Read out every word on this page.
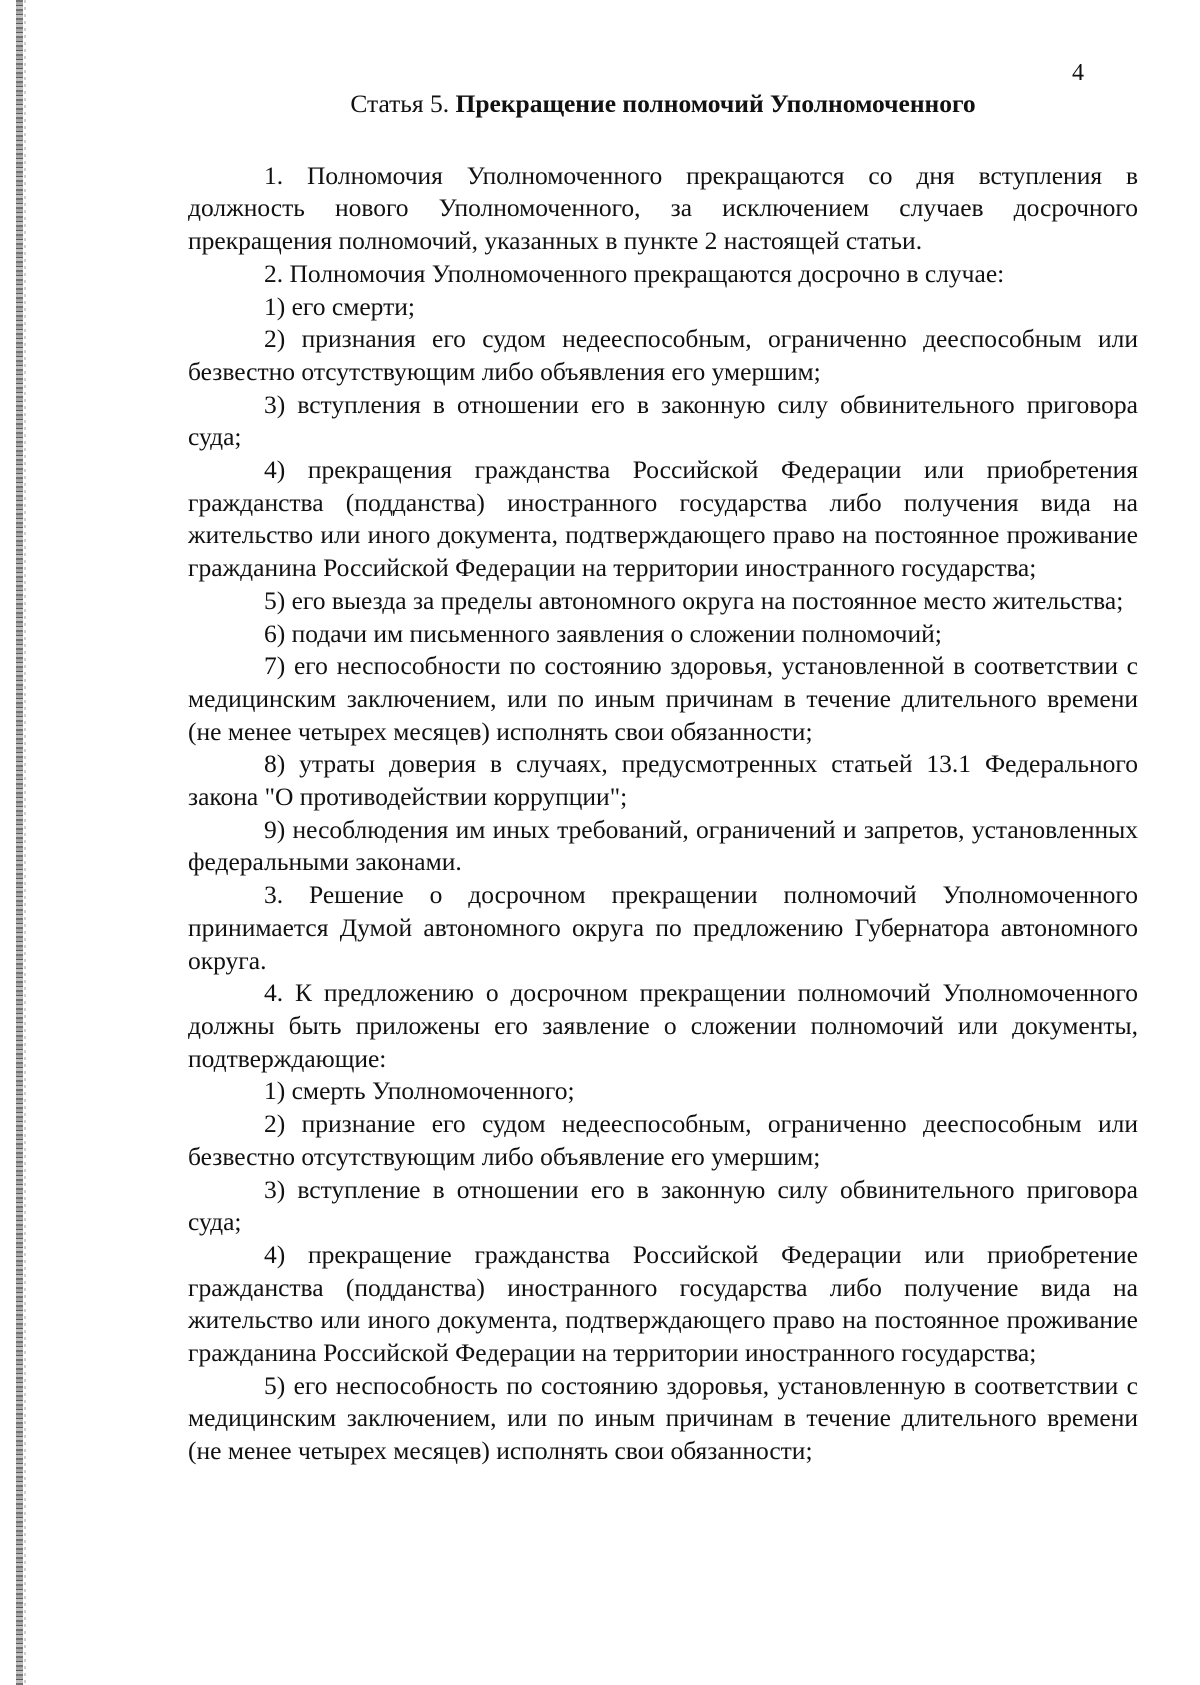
4
Статья 5. Прекращение полномочий Уполномоченного

1. Полномочия Уполномоченного прекращаются со дня вступления в должность нового Уполномоченного, за исключением случаев досрочного прекращения полномочий, указанных в пункте 2 настоящей статьи.

2. Полномочия Уполномоченного прекращаются досрочно в случае:

1) его смерти;

2) признания его судом недееспособным, ограниченно дееспособным или безвестно отсутствующим либо объявления его умершим;

3) вступления в отношении его в законную силу обвинительного приговора суда;

4) прекращения гражданства Российской Федерации или приобретения гражданства (подданства) иностранного государства либо получения вида на жительство или иного документа, подтверждающего право на постоянное проживание гражданина Российской Федерации на территории иностранного государства;

5) его выезда за пределы автономного округа на постоянное место жительства;

6) подачи им письменного заявления о сложении полномочий;

7) его неспособности по состоянию здоровья, установленной в соответствии с медицинским заключением, или по иным причинам в течение длительного времени (не менее четырех месяцев) исполнять свои обязанности;

8) утраты доверия в случаях, предусмотренных статьей 13.1 Федерального закона "О противодействии коррупции";

9) несоблюдения им иных требований, ограничений и запретов, установленных федеральными законами.

3. Решение о досрочном прекращении полномочий Уполномоченного принимается Думой автономного округа по предложению Губернатора автономного округа.

4. К предложению о досрочном прекращении полномочий Уполномоченного должны быть приложены его заявление о сложении полномочий или документы, подтверждающие:

1) смерть Уполномоченного;

2) признание его судом недееспособным, ограниченно дееспособным или безвестно отсутствующим либо объявление его умершим;

3) вступление в отношении его в законную силу обвинительного приговора суда;

4) прекращение гражданства Российской Федерации или приобретение гражданства (подданства) иностранного государства либо получение вида на жительство или иного документа, подтверждающего право на постоянное проживание гражданина Российской Федерации на территории иностранного государства;

5) его неспособность по состоянию здоровья, установленную в соответствии с медицинским заключением, или по иным причинам в течение длительного времени (не менее четырех месяцев) исполнять свои обязанности;
